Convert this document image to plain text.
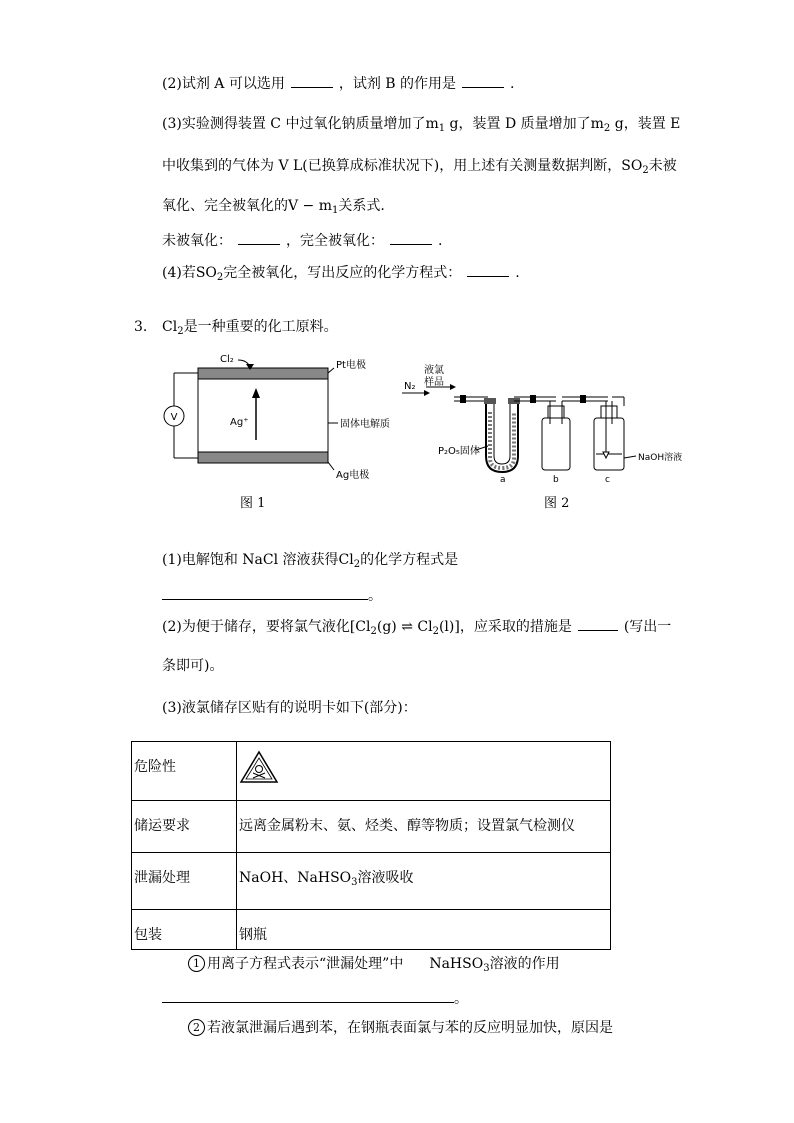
(2)试剂 A 可以选用	，试剂 B 的作用是	.
(3)实验测得装置 C 中过氧化钠质量增加了$m_1$ g，装置 D 质量增加了$m_2$ g，装置 E
中收集到的气体为 V L(已换算成标准状况下)，用上述有关测量数据判断，$SO_2$未被
氧化、完全被氧化的$V - m_1$关系式.
未被氧化：	，完全被氧化：	.
(4)若$SO_2$完全被氧化，写出反应的化学方程式：	.
3. $Cl_2$是一种重要的化工原料。
V	Ag⁺
Cl₂
Pt电极
固体电解质
Ag电极
图 1
N₂
液氯
样品
P₂O₅固体
a	b	c
NaOH溶液
图 2
(1)电解饱和 NaCl 溶液获得$Cl_2$的化学方程式是
。
(2)为便于储存，要将氯气液化[$Cl_2(g)$ ⇌ $Cl_2(l)$]，应采取的措施是	(写出一
条即可)。
(3)液氯储存区贴有的说明卡如下(部分)：
危险性	
储运要求	远离金属粉末、氨、烃类、醇等物质；设置氯气检测仪
泄漏处理	NaOH、NaHSO$_3$溶液吸收
包装	钢瓶
1 用离子方程式表示“泄漏处理”中 NaHSO$_3$溶液的作用
。
2 若液氯泄漏后遇到苯，在钢瓶表面氯与苯的反应明显加快，原因是
